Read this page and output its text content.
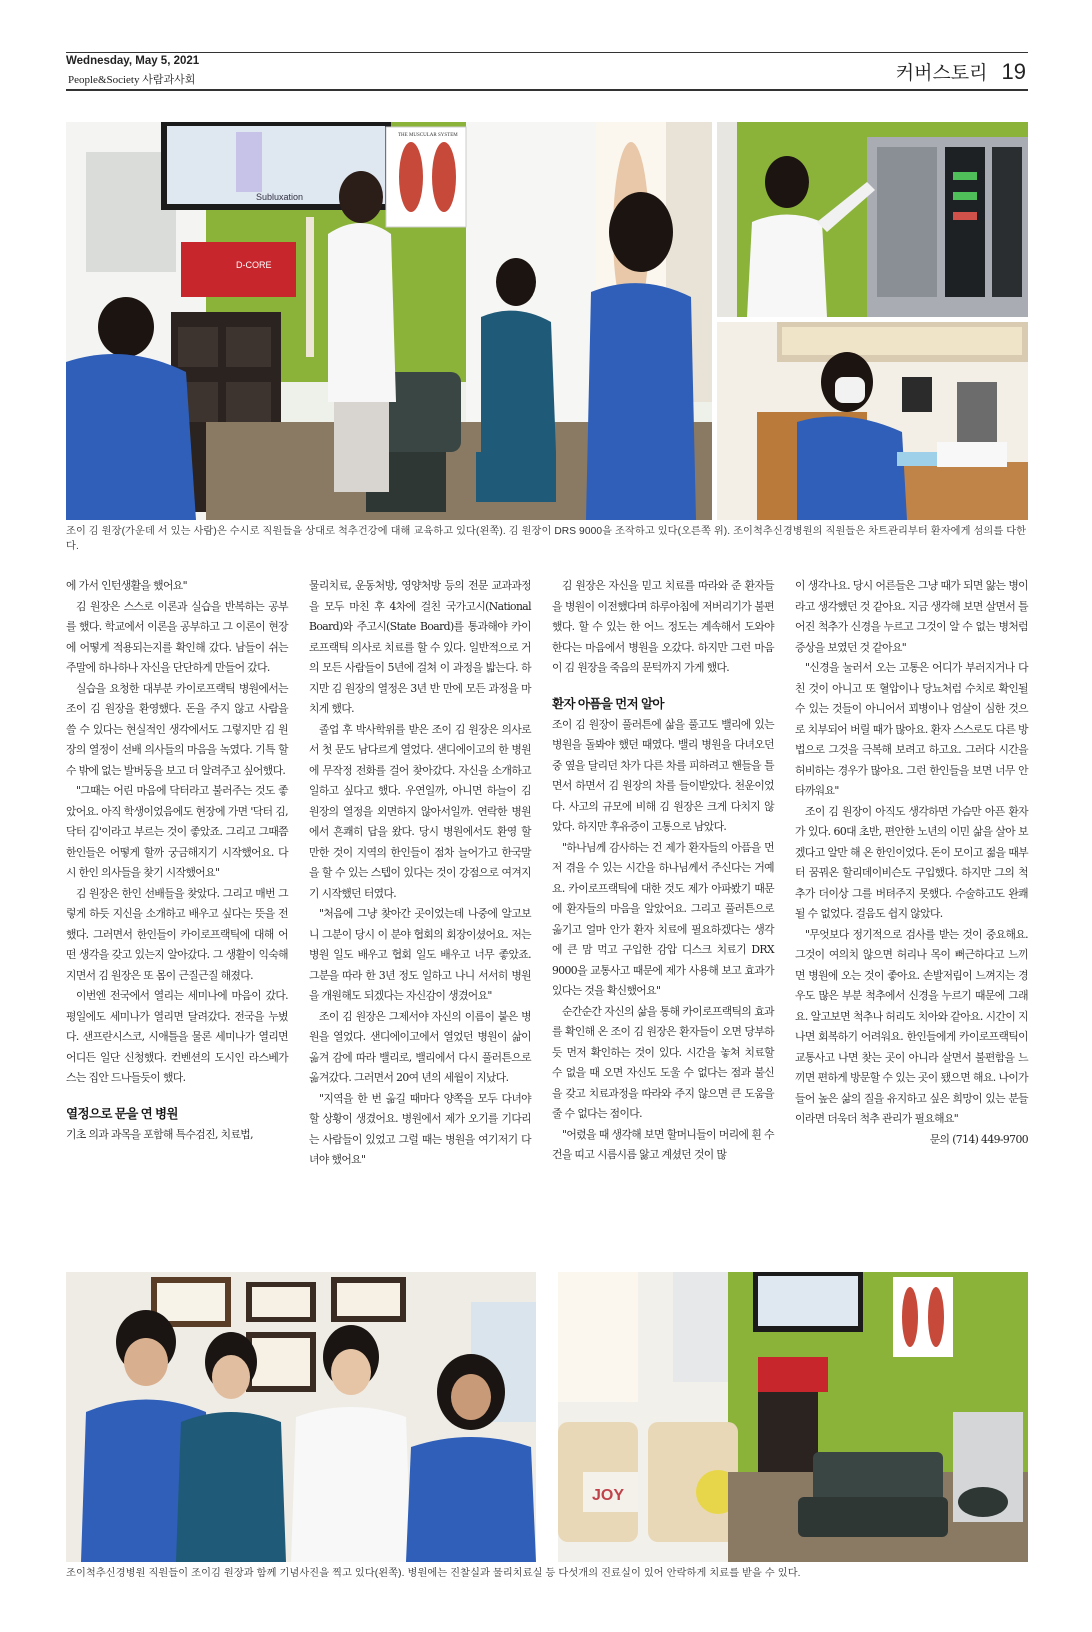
Wednesday, May 5, 2021
People&Society 사람과사회	커버스토리 19
Subluxation
THE MUSCULAR SYSTEM
D-CORE
조이 김 원장(가운데 서 있는 사람)은 수시로 직원들을 상대로 척추건강에 대해 교육하고 있다(왼쪽). 김 원장이 DRS 9000을 조작하고 있다(오른쪽 위). 조이척추신경병원의 직원들은 차트관리부터 환자에게 섬의를 다한다.

에 가서 인턴생활을 했어요"

김 원장은 스스로 이론과 실습을 반복하는 공부를 했다. 학교에서 이론을 공부하고 그 이론이 현장에 어떻게 적용되는지를 확인해 갔다. 남들이 쉬는 주말에 하나하나 자신을 단단하게 만들어 갔다.

실습을 요청한 대부분 카이로프랙틱 병원에서는 조이 김 원장을 환영했다. 돈을 주지 않고 사람을 쓸 수 있다는 현실적인 생각에서도 그렇지만 김 원장의 열정이 선배 의사들의 마음을 녹였다. 기특 할 수 밖에 없는 발버둥을 보고 더 알려주고 싶어했다.

"그때는 어린 마음에 닥터라고 불러주는 것도 좋았어요. 아직 학생이었음에도 현장에 가면 '닥터 김, 닥터 김'이라고 부르는 것이 좋았죠. 그리고 그때쯤 한인들은 어떻게 할까 궁금해지기 시작했어요. 다시 한인 의사들을 찾기 시작했어요"

김 원장은 한인 선배들을 찾았다. 그리고 매번 그렇게 하듯 지신을 소개하고 배우고 싶다는 뜻을 전했다. 그러면서 한인들이 카이로프랙틱에 대해 어떤 생각을 갖고 있는지 알아갔다. 그 생활이 익숙해지면서 김 원장은 또 몸이 근질근질 해졌다.

이번엔 전국에서 열리는 세미나에 마음이 갔다. 평일에도 세미나가 열리면 달려갔다. 전국을 누볐다. 샌프란시스코, 시애틀을 물론 세미나가 열리면 어디든 일단 신청했다. 컨벤션의 도시인 라스베가스는 집안 드나들듯이 했다.

열정으로 문을 연 병원

기초 의과 과목을 포함해 특수검진, 치료법,

물리치료, 운동처방, 영양처방 등의 전문 교과과정을 모두 마친 후 4차에 걸친 국가고시(National Board)와 주고시(State Board)를 통과해야 카이로프랙틱 의사로 치료를 할 수 있다. 일반적으로 거의 모든 사람들이 5년에 걸쳐 이 과정을 밟는다. 하지만 김 원장의 열정은 3년 반 만에 모든 과정을 마치게 했다.

졸업 후 박사학위를 받은 조이 김 원장은 의사로서 첫 문도 남다르게 열었다. 샌디에이고의 한 병원에 무작정 전화를 걸어 찾아갔다. 자신을 소개하고 일하고 싶다고 했다. 우연일까, 아니면 하늘이 김 원장의 열정을 외면하지 않아서일까. 연락한 병원에서 흔쾌히 답을 왔다. 당시 병원에서도 환영 할 만한 것이 지역의 한인들이 점차 늘어가고 한국말을 할 수 있는 스텝이 있다는 것이 강점으로 여겨지기 시작했던 터였다.

"처음에 그냥 찾아간 곳이었는데 나중에 알고보니 그분이 당시 이 분야 협회의 회장이셨어요. 저는 병원 일도 배우고 협회 일도 배우고 너무 좋았죠. 그분을 따라 한 3년 정도 일하고 나니 서서히 병원을 개원해도 되겠다는 자신감이 생겼어요"

조이 김 원장은 그제서야 자신의 이름이 붙은 병원을 열었다. 샌디에이고에서 열었던 병원이 삶이 옮겨 감에 따라 밸리로, 밸리에서 다시 풀러튼으로 옮겨갔다. 그러면서 20여 년의 세월이 지났다.

"지역을 한 번 옮길 때마다 양쪽을 모두 다녀야 할 상황이 생겼어요. 병원에서 제가 오기를 기다리는 사람들이 있었고 그럴 때는 병원을 여기저기 다녀야 했어요"

김 원장은 자신을 믿고 치료를 따라와 준 환자들을 병원이 이전했다며 하루아침에 저버리기가 불편했다. 할 수 있는 한 어느 정도는 계속해서 도와야 한다는 마음에서 병원을 오갔다. 하지만 그런 마음이 김 원장을 죽음의 문턱까지 가게 했다.

환자 아픔을 먼저 알아

조이 김 원장이 풀러튼에 삶을 풀고도 밸리에 있는 병원을 돌봐야 했던 때였다. 밸리 병원을 다녀오던 중 옆을 달리던 차가 다른 차를 피하려고 핸들을 틀면서 하면서 김 원장의 차를 들이받았다. 천운이었다. 사고의 규모에 비해 김 원장은 크게 다치지 않았다. 하지만 후유증이 고통으로 남았다.

"하나님께 감사하는 건 제가 환자들의 아픔을 먼저 겪을 수 있는 시간을 하나님께서 주신다는 거예요. 카이로프랙틱에 대한 것도 제가 아파봤기 때문에 환자들의 마음을 알았어요. 그리고 풀러튼으로 옮기고 얼마 안가 환자 치료에 필요하겠다는 생각에 큰 맘 먹고 구입한 감압 디스크 치료기 DRX 9000을 교통사고 때문에 제가 사용해 보고 효과가 있다는 것을 확신했어요"

순간순간 자신의 삶을 통해 카이로프랙틱의 효과를 확인해 온 조이 김 원장은 환자들이 오면 당부하듯 먼저 확인하는 것이 있다. 시간을 놓쳐 치료할 수 없을 때 오면 자신도 도울 수 없다는 점과 불신을 갖고 치료과정을 따라와 주지 않으면 큰 도움을 줄 수 없다는 점이다.

"어렸을 때 생각해 보면 할머니들이 머리에 흰 수건을 띠고 시름시름 앓고 계셨던 것이 많

이 생각나요. 당시 어른들은 그냥 때가 되면 앓는 병이라고 생각했던 것 같아요. 지금 생각해 보면 살면서 틀어진 척추가 신경을 누르고 그것이 알 수 없는 병처럼 증상을 보였던 것 같아요"

"신경을 눌러서 오는 고통은 어디가 부러지거나 다친 것이 아니고 또 혈압이나 당뇨처럼 수치로 확인될 수 있는 것들이 아니어서 꾀병이나 엄살이 심한 것으로 치부되어 버릴 때가 많아요. 환자 스스로도 다른 방법으로 그것을 극복해 보려고 하고요. 그러다 시간을 허비하는 경우가 많아요. 그런 한인들을 보면 너무 안타까워요"

조이 김 원장이 아직도 생각하면 가슴만 아픈 환자가 있다. 60대 초반, 편안한 노년의 이민 삶을 살아 보겠다고 알만 해 온 한인이었다. 돈이 모이고 젊을 때부터 꿈꿔온 할리데이비슨도 구입했다. 하지만 그의 척추가 더이상 그를 버텨주지 못했다. 수술하고도 완쾌될 수 없었다. 걸음도 쉽지 않았다.

"무엇보다 정기적으로 검사를 받는 것이 중요해요. 그것이 여의치 않으면 허리나 목이 뻐근하다고 느끼면 병원에 오는 것이 좋아요. 손발저림이 느껴지는 경우도 많은 부분 척추에서 신경을 누르기 때문에 그래요. 알고보면 척추나 허리도 치아와 같아요. 시간이 지나면 회복하기 어려워요. 한인들에게 카이로프랙틱이 교통사고 나면 찾는 곳이 아니라 살면서 불편함을 느끼면 편하게 방문할 수 있는 곳이 됐으면 해요. 나이가 들어 높은 삶의 질을 유지하고 싶은 희망이 있는 분들이라면 더욱더 척추 관리가 필요해요"

문의 (714) 449-9700

JOY
조이척추신경병원 직원들이 조이김 원장과 함께 기념사진을 찍고 있다(왼쪽). 병원에는 진찰실과 물리치료실 등 다섯개의 진료실이 있어 안락하게 치료를 받을 수 있다.
